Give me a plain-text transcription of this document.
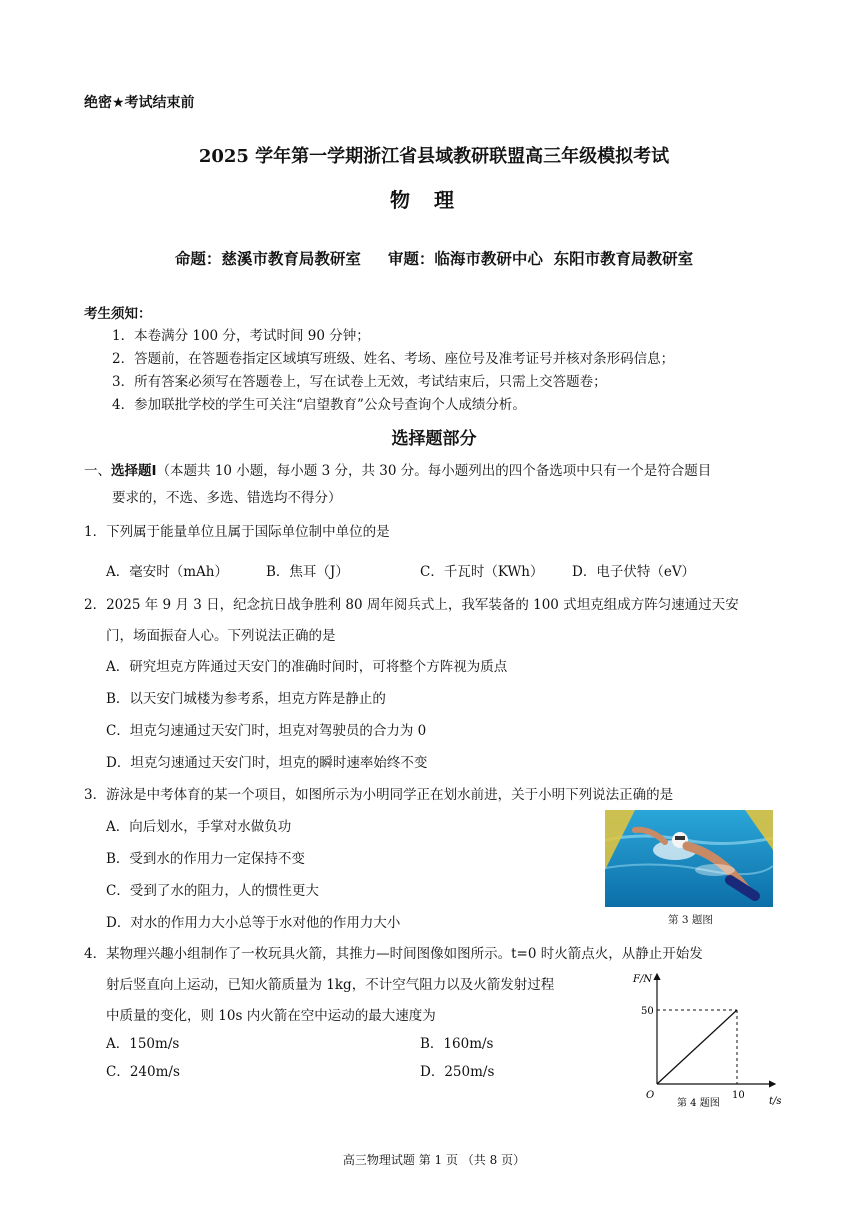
绝密★考试结束前
2025 学年第一学期浙江省县域教研联盟高三年级模拟考试
物理
命题：慈溪市教育局教研室     审题：临海市教研中心  东阳市教育局教研室
考生须知：
1．本卷满分 100 分，考试时间 90 分钟；
2．答题前，在答题卷指定区域填写班级、姓名、考场、座位号及准考证号并核对条形码信息；
3．所有答案必须写在答题卷上，写在试卷上无效，考试结束后，只需上交答题卷；
4．参加联批学校的学生可关注“启望教育”公众号查询个人成绩分析。
选择题部分
一、选择题Ⅰ（本题共 10 小题，每小题 3 分，共 30 分。每小题列出的四个备选项中只有一个是符合题目
要求的，不选、多选、错选均不得分）
1．下列属于能量单位且属于国际单位制中单位的是
A．毫安时（mAh）	B．焦耳（J）	C．千瓦时（KWh） D．电子伏特（eV）
2．2025 年 9 月 3 日，纪念抗日战争胜利 80 周年阅兵式上，我军装备的 100 式坦克组成方阵匀速通过天安
门，场面振奋人心。下列说法正确的是
A．研究坦克方阵通过天安门的准确时间时，可将整个方阵视为质点
B．以天安门城楼为参考系，坦克方阵是静止的
C．坦克匀速通过天安门时，坦克对驾驶员的合力为 0
D．坦克匀速通过天安门时，坦克的瞬时速率始终不变
3．游泳是中考体育的某一个项目，如图所示为小明同学正在划水前进，关于小明下列说法正确的是
A．向后划水，手掌对水做负功
B．受到水的作用力一定保持不变
C．受到了水的阻力，人的惯性更大
D．对水的作用力大小总等于水对他的作用力大小	第 3 题图
4．某物理兴趣小组制作了一枚玩具火箭，其推力—时间图像如图所示。t=0 时火箭点火，从静止开始发
射后竖直向上运动，已知火箭质量为 1kg，不计空气阻力以及火箭发射过程
中质量的变化，则 10s 内火箭在空中运动的最大速度为
A．150m/s	B．160m/s
C．240m/s	D．250m/s
F/N
t/s
O
50
10
第 4 题图
高三物理试题 第 1 页 （共 8 页）
